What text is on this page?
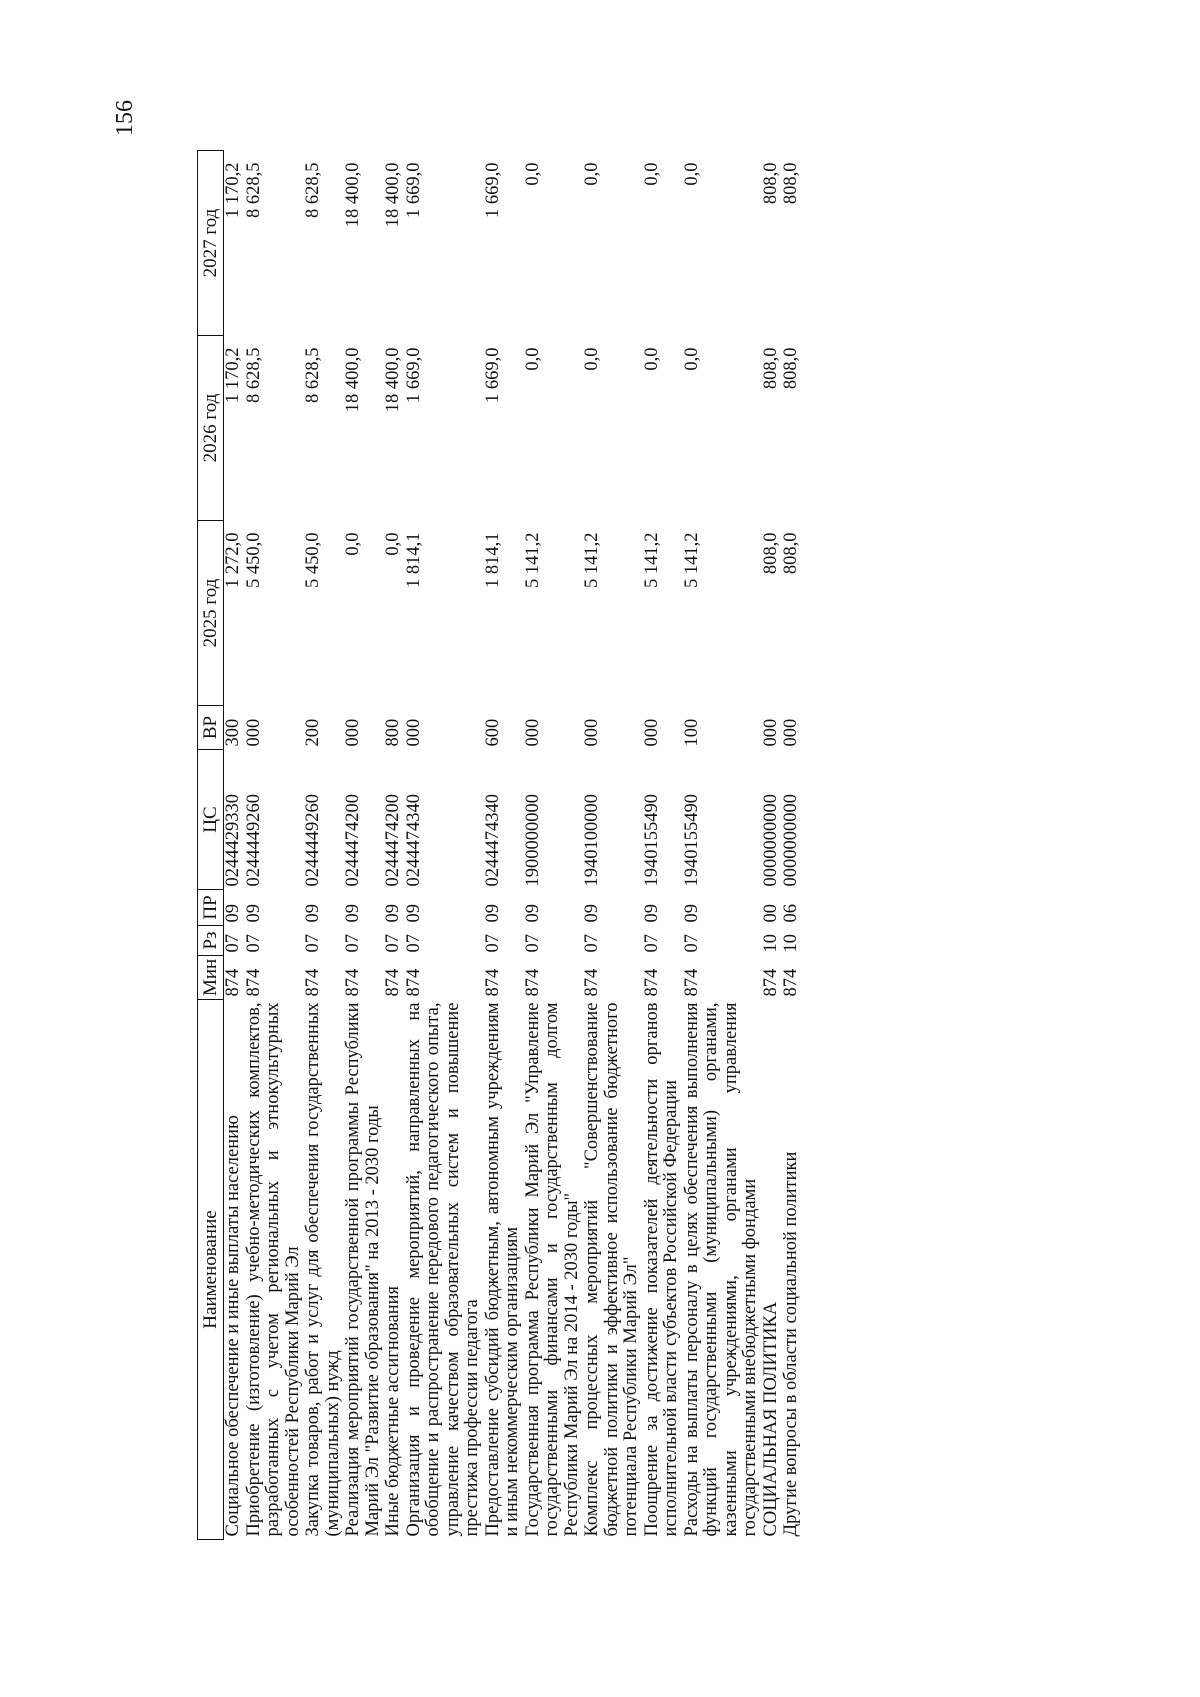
156
Наименование	Мин	Рз	ПР	ЦС	ВР	2025 год	2026 год	2027 год
Социальное обеспечение и иные выплаты населению	874	07	09	0244429330	300	1 272,0	1 170,2	1 170,2
Приобретение (изготовление) учебно-методических комплектов, разработанных с учетом региональных и этнокультурных особенностей Республики Марий Эл	874	07	09	0244449260	000	5 450,0	8 628,5	8 628,5
Закупка товаров, работ и услуг для обеспечения государственных (муниципальных) нужд	874	07	09	0244449260	200	5 450,0	8 628,5	8 628,5
Реализация мероприятий государственной программы Республики Марий Эл "Развитие образования" на 2013 - 2030 годы	874	07	09	0244474200	000	0,0	18 400,0	18 400,0
Иные бюджетные ассигнования	874	07	09	0244474200	800	0,0	18 400,0	18 400,0
Организация и проведение мероприятий, направленных на обобщение и распространение передового педагогического опыта, управление качеством образовательных систем и повышение престижа профессии педагога	874	07	09	0244474340	000	1 814,1	1 669,0	1 669,0
Предоставление субсидий бюджетным, автономным учреждениям и иным некоммерческим организациям	874	07	09	0244474340	600	1 814,1	1 669,0	1 669,0
Государственная программа Республики Марий Эл "Управление государственными финансами и государственным долгом Республики Марий Эл на 2014 - 2030 годы"	874	07	09	1900000000	000	5 141,2	0,0	0,0
Комплекс процессных мероприятий "Совершенствование бюджетной политики и эффективное использование бюджетного потенциала Республики Марий Эл"	874	07	09	1940100000	000	5 141,2	0,0	0,0
Поощрение за достижение показателей деятельности органов исполнительной власти субъектов Российской Федерации	874	07	09	1940155490	000	5 141,2	0,0	0,0
Расходы на выплаты персоналу в целях обеспечения выполнения функций государственными (муниципальными) органами, казенными учреждениями, органами управления государственными внебюджетными фондами	874	07	09	1940155490	100	5 141,2	0,0	0,0
СОЦИАЛЬНАЯ ПОЛИТИКА	874	10	00	0000000000	000	808,0	808,0	808,0
Другие вопросы в области социальной политики	874	10	06	0000000000	000	808,0	808,0	808,0
